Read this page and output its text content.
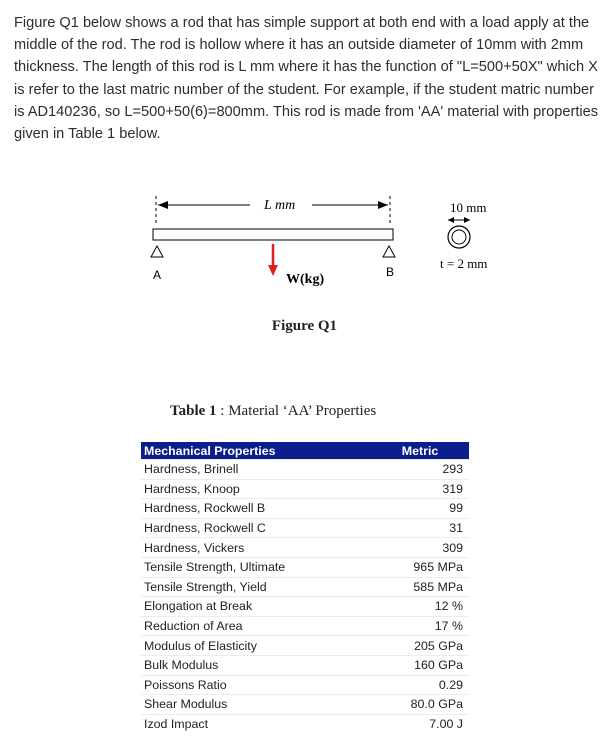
Figure Q1 below shows a rod that has simple support at both end with a load apply at the middle of the rod. The rod is hollow where it has an outside diameter of 10mm with 2mm thickness. The length of this rod is L mm where it has the function of "L=500+50X" which X is refer to the last matric number of the student. For example, if the student matric number is AD140236, so L=500+50(6)=800mm. This rod is made from 'AA' material with properties given in Table 1 below.

L mm
A	B
W(kg)
10 mm
t = 2 mm
Figure Q1
Table 1 : Material ‘AA’ Properties
Mechanical Properties	Metric
Hardness, Brinell	293
Hardness, Knoop	319
Hardness, Rockwell B	99
Hardness, Rockwell C	31
Hardness, Vickers	309
Tensile Strength, Ultimate	965 MPa
Tensile Strength, Yield	585 MPa
Elongation at Break	12 %
Reduction of Area	17 %
Modulus of Elasticity	205 GPa
Bulk Modulus	160 GPa
Poissons Ratio	0.29
Shear Modulus	80.0 GPa
Izod Impact	7.00 J
